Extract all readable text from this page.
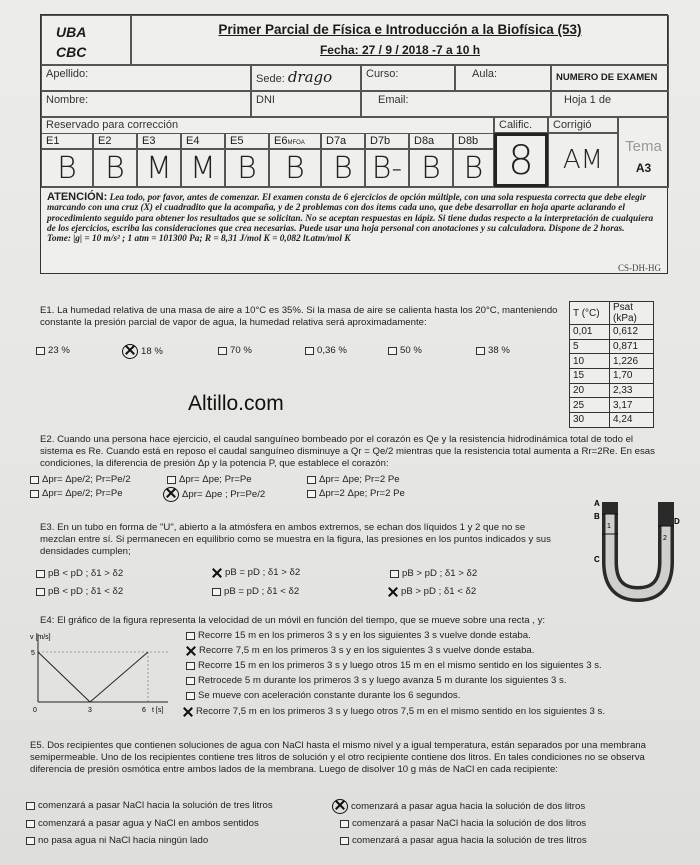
UBA
CBC
Primer Parcial de Física e Introducción a la Biofísica (53)
Fecha: 27 / 9 / 2018 -7 a 10 h
Apellido:	Sede: drago	Curso:	Aula:	NUMERO DE EXAMEN
Nombre:	DNI	Email:	Hoja 1 de
Reservado para corrección	Calific.	Corrigió
Tema
A3
E1
B
E2
B
E3
M
E4
M
E5
B
E6MFOA
B
D7a
B
D7b
B-
D8a
B
D8b
B 8	AM
ATENCIÓN: Lea todo, por favor, antes de comenzar. El examen consta de 6 ejercicios de opción múltiple, con una sola respuesta correcta que debe elegir marcando con una cruz (X) el cuadradito que la acompaña, y de 2 problemas con dos ítems cada uno, que debe desarrollar en hoja aparte aclarando el procedimiento seguido para obtener los resultados que se solicitan. No se aceptan respuestas en lápiz. Si tiene dudas respecto a la interpretación de cualquiera de los ejercicios, escriba las consideraciones que crea necesarias. Puede usar una hoja personal con anotaciones y su calculadora. Dispone de 2 horas.
Tome: |g| = 10 m/s² ; 1 atm = 101300 Pa; R = 8,31 J/mol K = 0,082 lt.atm/mol K
CS-DH-HG
E1. La humedad relativa de una masa de aire a 10°C es 35%. Si la masa de aire se calienta hasta los 20°C, manteniendo constante la presión parcial de vapor de agua, la humedad relativa será aproximadamente:
23 %	18 %	70 %	0,36 %	50 %	38 %
T (°C)	Psat (kPa)
0,01	0,612
5	0,871
10	1,226
15	1,70
20	2,33
25	3,17
30	4,24
Altillo.com
E2. Cuando una persona hace ejercicio, el caudal sanguíneo bombeado por el corazón es Qe y la resistencia hidrodinámica total de todo el sistema es Re. Cuando está en reposo el caudal sanguíneo disminuye a Qr = Qe/2 mientras que la resistencia total aumenta a Rr=2Re. En esas condiciones, la diferencia de presión Δp y la potencia P, que establece el corazón:
Δpr= Δpe/2; Pr=Pe/2	Δpr= Δpe; Pr=Pe	Δpr= Δpe; Pr=2 Pe
Δpr= Δpe/2; Pr=Pe	Δpr= Δpe ; Pr=Pe/2	Δpr=2 Δpe; Pr=2 Pe
E3. En un tubo en forma de "U", abierto a la atmósfera en ambos extremos, se echan dos líquidos 1 y 2 que no se mezclan entre sí. Si permanecen en equilibrio como se muestra en la figura, las presiones en los puntos indicados y sus densidades cumplen;
pB < pD ; δ1 > δ2	pB = pD ; δ1 > δ2	pB > pD ; δ1 > δ2
pB < pD ; δ1 < δ2	pB = pD ; δ1 < δ2	pB > pD ; δ1 < δ2
A
B
C
D
1
2
E4: El gráfico de la figura representa la velocidad de un móvil en función del tiempo, que se mueve sobre una recta , y:
v [m/s]
5
0	3	6 t [s]
Recorre 15 m en los primeros 3 s y en los siguientes 3 s vuelve donde estaba.
Recorre 7,5 m en los primeros 3 s y en los siguientes 3 s vuelve donde estaba.
Recorre 15 m en los primeros 3 s y luego otros 15 m en el mismo sentido en los siguientes 3 s.
Retrocede 5 m durante los primeros 3 s y luego avanza 5 m durante los siguientes 3 s.
Se mueve con aceleración constante durante los 6 segundos.
Recorre 7,5 m en los primeros 3 s y luego otros 7,5 m en el mismo sentido en los siguientes 3 s.
E5. Dos recipientes que contienen soluciones de agua con NaCl hasta el mismo nivel y a igual temperatura, están separados por una membrana semipermeable. Uno de los recipientes contiene tres litros de solución y el otro recipiente contiene dos litros. En tales condiciones no se observa diferencia de presión osmótica entre ambos lados de la membrana. Luego de disolver 10 g más de NaCl en cada recipiente:
comenzará a pasar NaCl hacia la solución de tres litros	comenzará a pasar agua hacia la solución de dos litros
comenzará a pasar agua y NaCl en ambos sentidos	comenzará a pasar NaCl hacia la solución de dos litros
no pasa agua ni NaCl hacia ningún lado	comenzará a pasar agua hacia la solución de tres litros
